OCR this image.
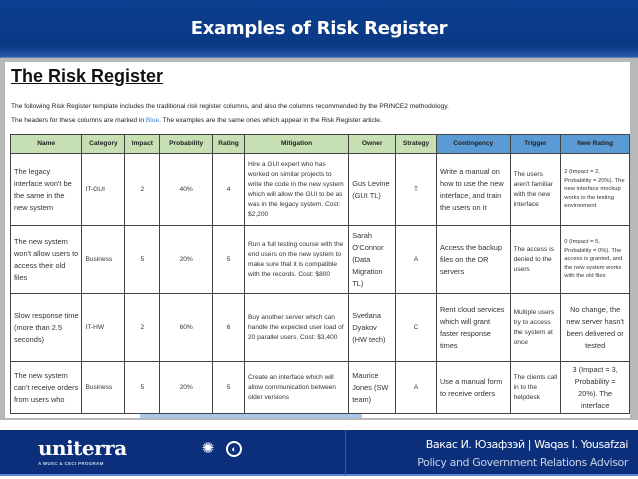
Examples of Risk Register
The Risk Register
The following Risk Register template includes the traditional risk register columns, and also the columns recommended by the PRINCE2 methodology.
The headers for these columns are marked in Blue. The examples are the same ones which appear in the Risk Register article.
Name	Category	Impact	Probability	Rating	Mitigation	Owner	Strategy	Contingency	Trigger	New Rating
The legacy interface won't be the same in the new system	IT-GUI	2	40%	4	Hire a GUI expert who has worked on similar projects to write the code in the new system which will allow the GUI to be as was in the legacy system. Cost: $2,200	Gus Levine (GUI TL)	T	Write a manual on how to use the new interface, and train the users on it	The users aren't familiar with the new interface	2 (Impact = 2, Probability = 20%). The new interface mockup works in the testing environment
The new system won't allow users to access their old files	Business	5	20%	5	Run a full testing course with the end users on the new system to make sure that it is compatible with the records. Cost: $800	Sarah O'Connor (Data Migration TL)	A	Access the backup files on the DR servers	The access is denied to the users	0 (Impact = 5, Probability = 0%). The access is granted, and the new system works with the old files
Slow response time (more than 2.5 seconds)	IT-HW	2	60%	6	Buy another server which can handle the expected user load of 20 parallel users. Cost: $3,400	Svetlana Dyakov (HW tech)	C	Rent cloud services which will grant faster response times	Multiple users try to access the system at once	No change, the new server hasn't been delivered or tested
The new system can't receive orders from users who	Business	5	20%	5	Create an interface which will allow communication between older versions	Maurice Jones (SW team)	A	Use a manual form to receive orders	The clients call in to the helpdesk	3 (Impact = 3, Probability = 20%). The interface
uniterra
A WUSC & CECI PROGRAM
✺	◐	Вакас И. Юзафзэй | Waqas I. Yousafzai
Policy and Government Relations Advisor
